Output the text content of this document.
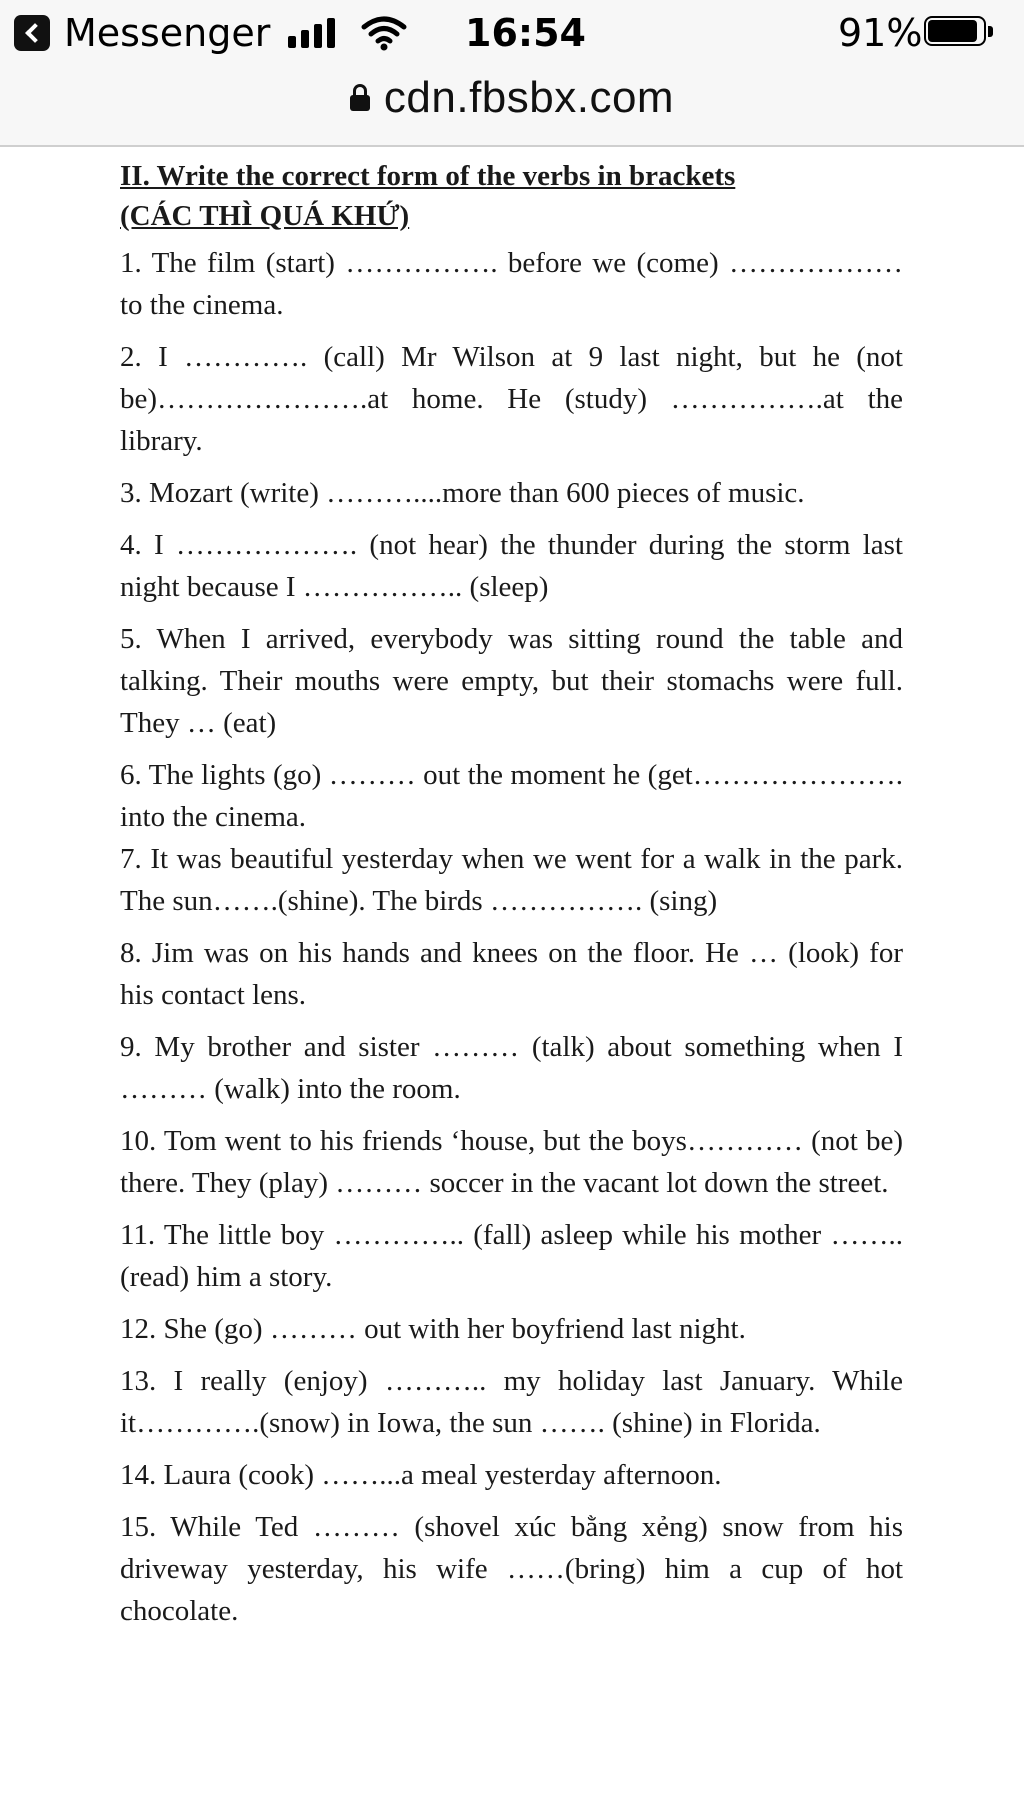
Messenger	16:54	91%
cdn.fbsbx.com
II. Write the correct form of the verbs in brackets
(CÁC THÌ QUÁ KHỨ)
1. The film (start) ……………. before we (come) ……………… to the cinema.
2. I …………. (call) Mr Wilson at 9 last night, but he (not be)………………….at home. He (study) …………….at the library.
3. Mozart (write) ………....more than 600 pieces of music.
4. I ………………. (not hear) the thunder during the storm last night because I …………….. (sleep)
5. When I arrived, everybody was sitting round the table and talking. Their mouths were empty, but their stomachs were full. They … (eat)
6. The lights (go) ……… out the moment he (get…………………. into the cinema.
7. It was beautiful yesterday when we went for a walk in the park. The sun…….(shine). The birds ……………. (sing)
8. Jim was on his hands and knees on the floor. He … (look) for his contact lens.
9. My brother and sister ……… (talk) about something when I ……… (walk) into the room.
10. Tom went to his friends ‘house, but the boys………… (not be) there. They (play) ……… soccer in the vacant lot down the street.
11. The little boy ………….. (fall) asleep while his mother …….. (read) him a story.
12. She (go) ……… out with her boyfriend last night.
13. I really (enjoy) ……….. my holiday last January. While it………….(snow) in Iowa, the sun ……. (shine) in Florida.
14. Laura (cook) ……...a meal yesterday afternoon.
15. While Ted ……… (shovel xúc bằng xẻng) snow from his driveway yesterday, his wife ……(bring) him a cup of hot chocolate.
